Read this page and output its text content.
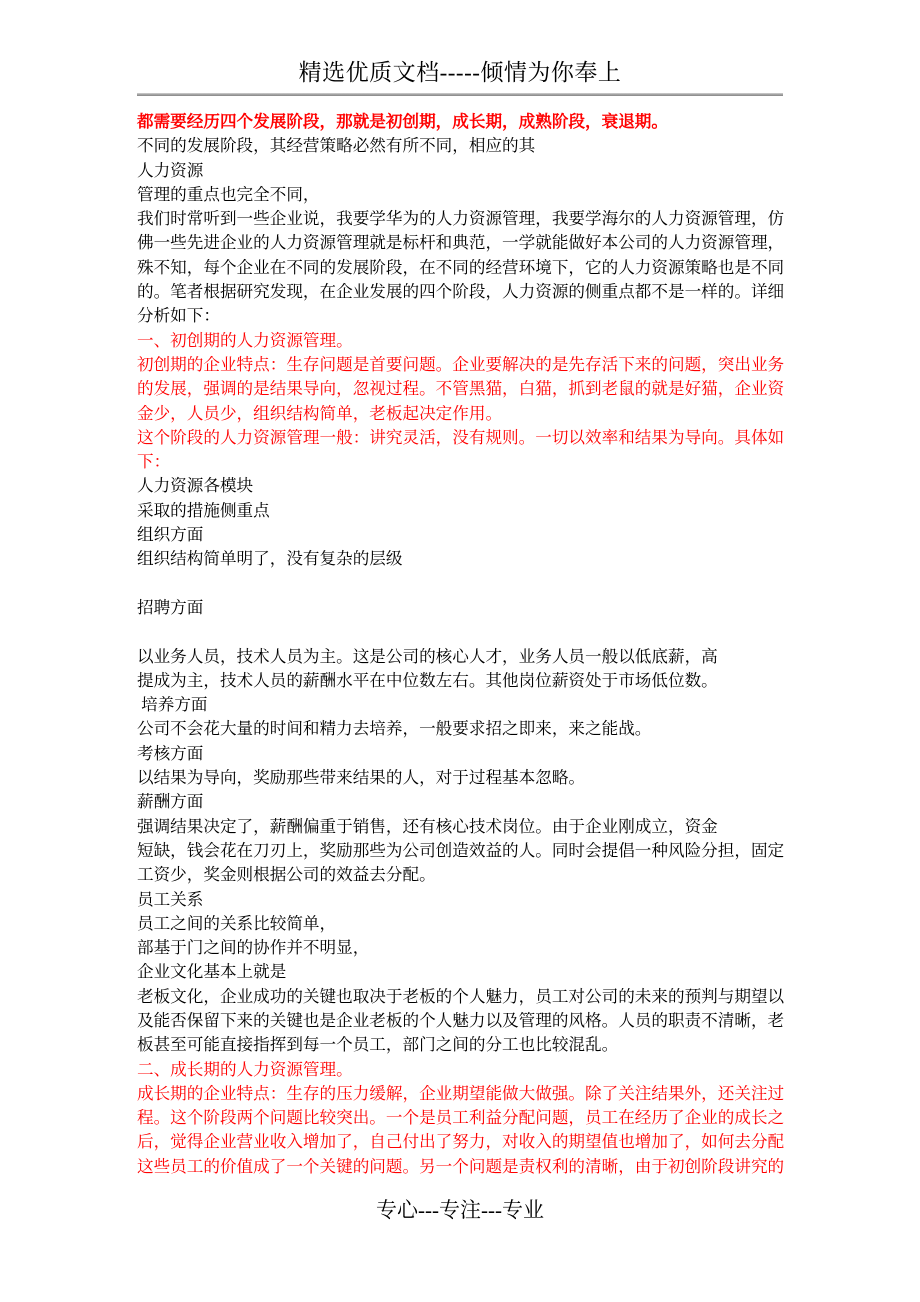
精选优质文档-----倾情为你奉上
都需要经历四个发展阶段，那就是初创期，成长期，成熟阶段，衰退期。
不同的发展阶段，其经营策略必然有所不同，相应的其
人力资源
管理的重点也完全不同，
我们时常听到一些企业说，我要学华为的人力资源管理，我要学海尔的人力资源管理，仿
佛一些先进企业的人力资源管理就是标杆和典范，一学就能做好本公司的人力资源管理，
殊不知，每个企业在不同的发展阶段，在不同的经营环境下，它的人力资源策略也是不同
的。笔者根据研究发现，在企业发展的四个阶段，人力资源的侧重点都不是一样的。详细
分析如下：
一、初创期的人力资源管理。
初创期的企业特点：生存问题是首要问题。企业要解决的是先存活下来的问题，突出业务
的发展，强调的是结果导向，忽视过程。不管黑猫，白猫，抓到老鼠的就是好猫，企业资
金少，人员少，组织结构简单，老板起决定作用。
这个阶段的人力资源管理一般：讲究灵活，没有规则。一切以效率和结果为导向。具体如
下：
人力资源各模块
采取的措施侧重点
组织方面
组织结构简单明了，没有复杂的层级
招聘方面
以业务人员，技术人员为主。这是公司的核心人才，业务人员一般以低底薪，高
提成为主，技术人员的薪酬水平在中位数左右。其他岗位薪资处于市场低位数。
培养方面
公司不会花大量的时间和精力去培养，一般要求招之即来，来之能战。
考核方面
以结果为导向，奖励那些带来结果的人，对于过程基本忽略。
薪酬方面
强调结果决定了，薪酬偏重于销售，还有核心技术岗位。由于企业刚成立，资金
短缺，钱会花在刀刃上，奖励那些为公司创造效益的人。同时会提倡一种风险分担，固定
工资少，奖金则根据公司的效益去分配。
员工关系
员工之间的关系比较简单，
部基于门之间的协作并不明显，
企业文化基本上就是
老板文化，企业成功的关键也取决于老板的个人魅力，员工对公司的未来的预判与期望以
及能否保留下来的关键也是企业老板的个人魅力以及管理的风格。人员的职责不清晰，老
板甚至可能直接指挥到每一个员工，部门之间的分工也比较混乱。
二、成长期的人力资源管理。
成长期的企业特点：生存的压力缓解，企业期望能做大做强。除了关注结果外，还关注过
程。这个阶段两个问题比较突出。一个是员工利益分配问题，员工在经历了企业的成长之
后，觉得企业营业收入增加了，自己付出了努力，对收入的期望值也增加了，如何去分配
这些员工的价值成了一个关键的问题。另一个问题是责权利的清晰，由于初创阶段讲究的
专心---专注---专业
